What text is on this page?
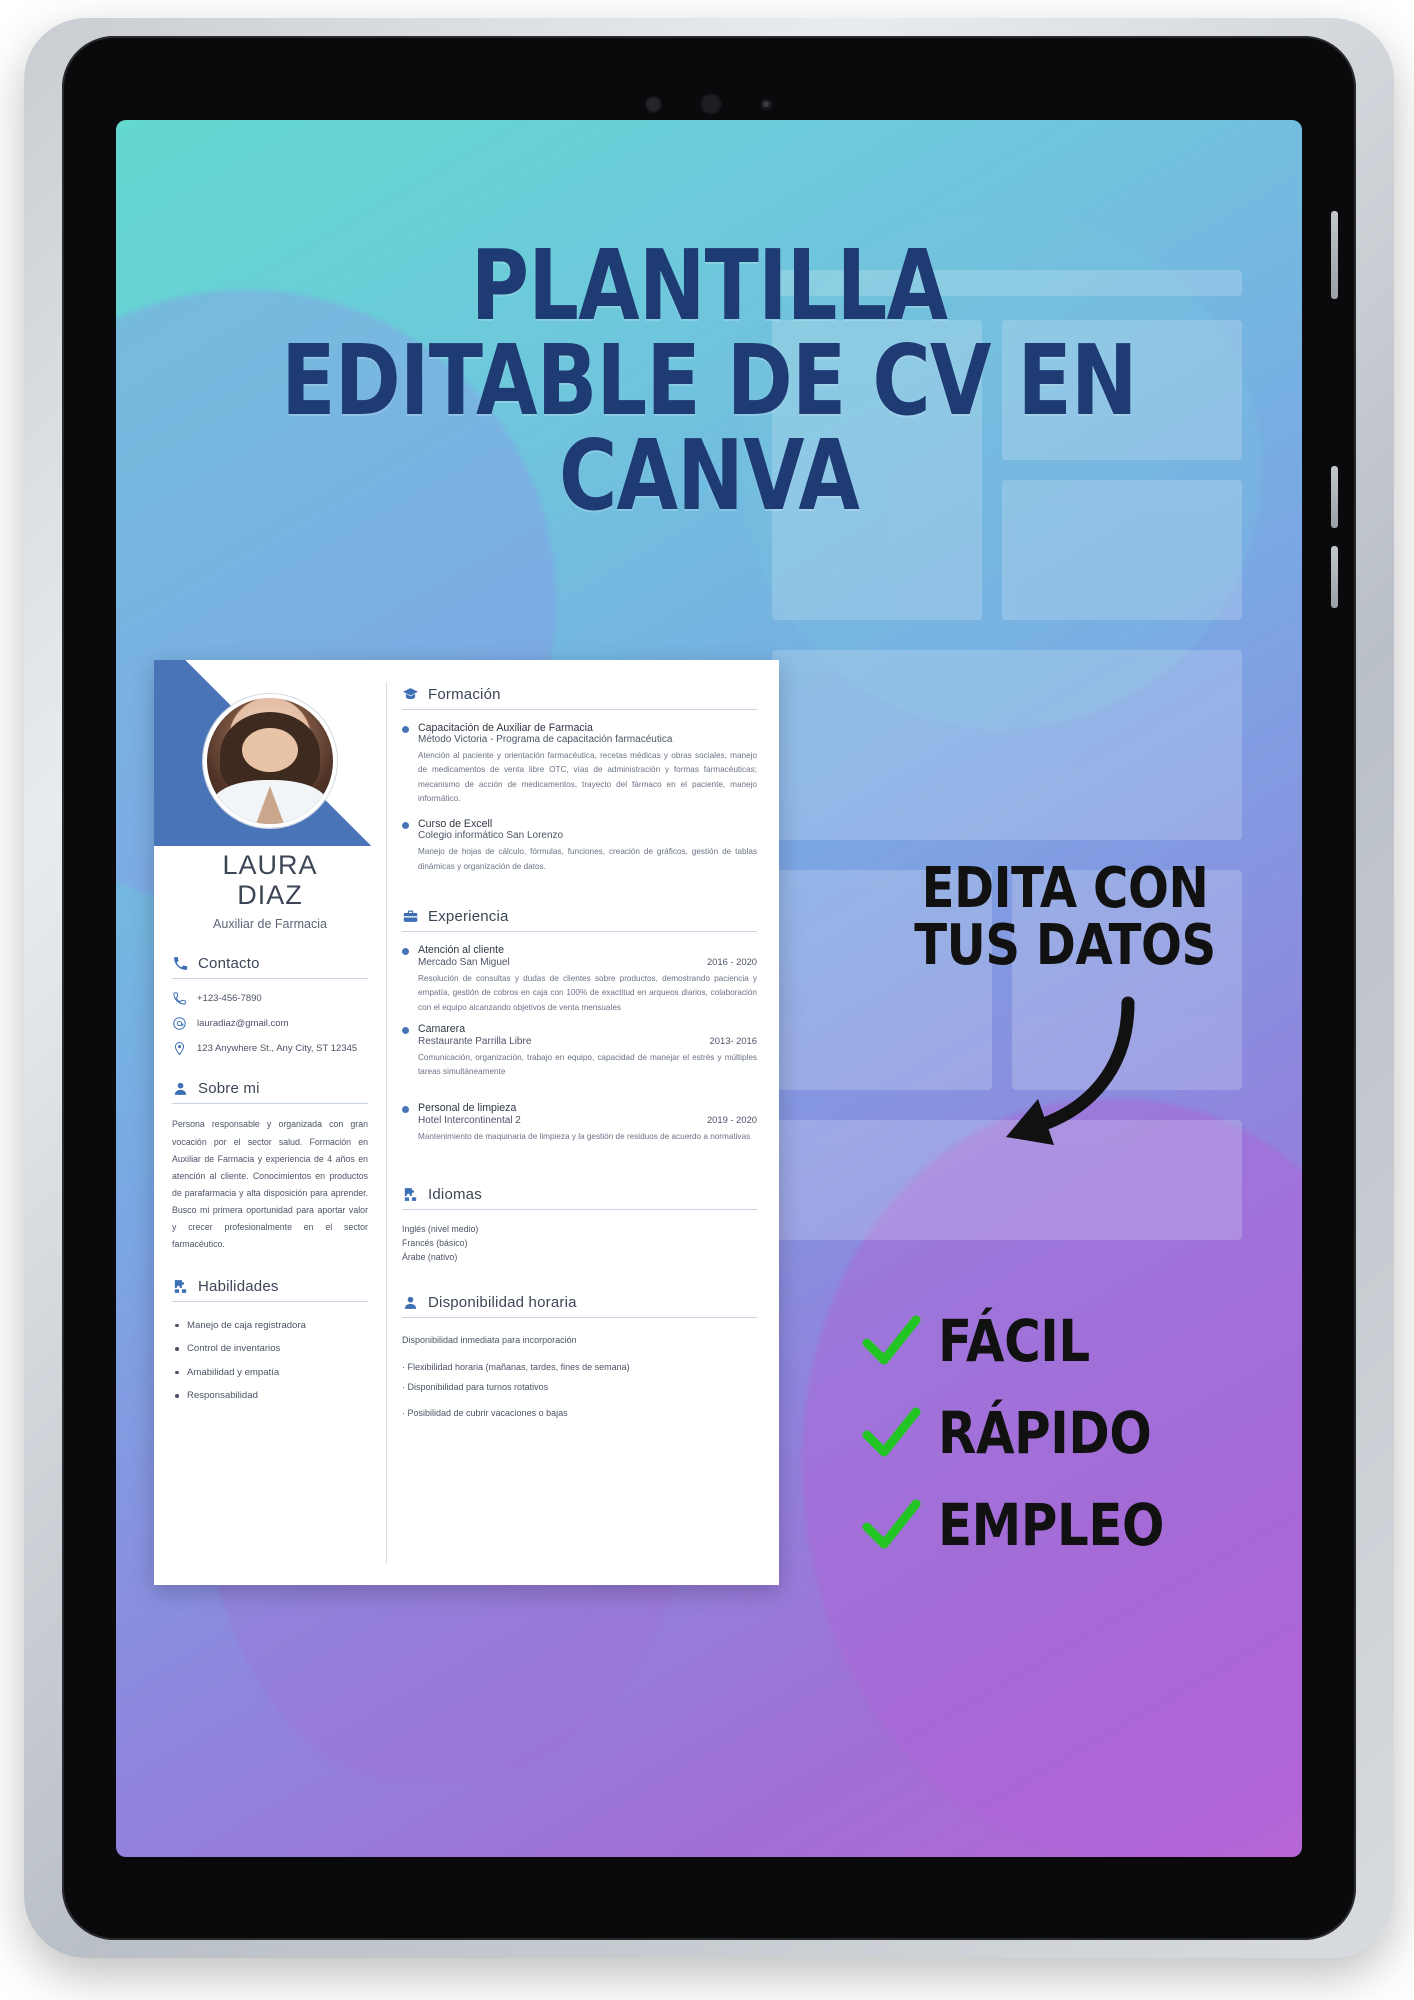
PLANTILLA
EDITABLE DE CV EN
CANVA
EDITA CON TUS DATOS
FÁCIL
RÁPIDO
EMPLEO
LAURA
DIAZ
Auxiliar de Farmacia
Contacto
+123-456-7890
lauradiaz@gmail.com
123 Anywhere St., Any City, ST 12345
Sobre mi

Persona responsable y organizada con gran vocación por el sector salud. Formación en Auxiliar de Farmacia y experiencia de 4 años en atención al cliente. Conocimientos en productos de parafarmacia y alta disposición para aprender. Busco mi primera oportunidad para aportar valor y crecer profesionalmente en el sector farmacéutico.

Habilidades
Manejo de caja registradora
Control de inventarios
Amabilidad y empatía
Responsabilidad
Formación
Capacitación de Auxiliar de Farmacia
Método Victoria - Programa de capacitación farmacéutica
Atención al paciente y orientación farmacéutica, recetas médicas y obras sociales, manejo de medicamentos de venta libre OTC, vías de administración y formas farmacéuticas; mecanismo de acción de medicamentos, trayecto del fármaco en el paciente, manejo informático.
Curso de Excell
Colegio informático San Lorenzo
Manejo de hojas de cálculo, fórmulas, funciones, creación de gráficos, gestión de tablas dinámicas y organización de datos.
Experiencia
Atención al cliente
Mercado San Miguel	2016 - 2020
Resolución de consultas y dudas de clientes sobre productos, demostrando paciencia y empatía, gestión de cobros en caja con 100% de exactitud en arqueos diarios, colaboración con el equipo alcanzando objetivos de venta mensuales
Camarera
Restaurante Parrilla Libre	2013- 2016
Comunicación, organización, trabajo en equipo, capacidad de manejar el estrés y múltiples tareas simultáneamente
Personal de limpieza
Hotel Intercontinental 2	2019 - 2020
Mantenimiento de maquinaria de limpieza y la gestión de residuos de acuerdo a normativas
Idiomas
Inglés (nivel medio)
Francés (básico)
Árabe (nativo)
Disponibilidad horaria

Disponibilidad inmediata para incorporación

· Flexibilidad horaria (mañanas, tardes, fines de semana)

· Disponibilidad para turnos rotativos

· Posibilidad de cubrir vacaciones o bajas
